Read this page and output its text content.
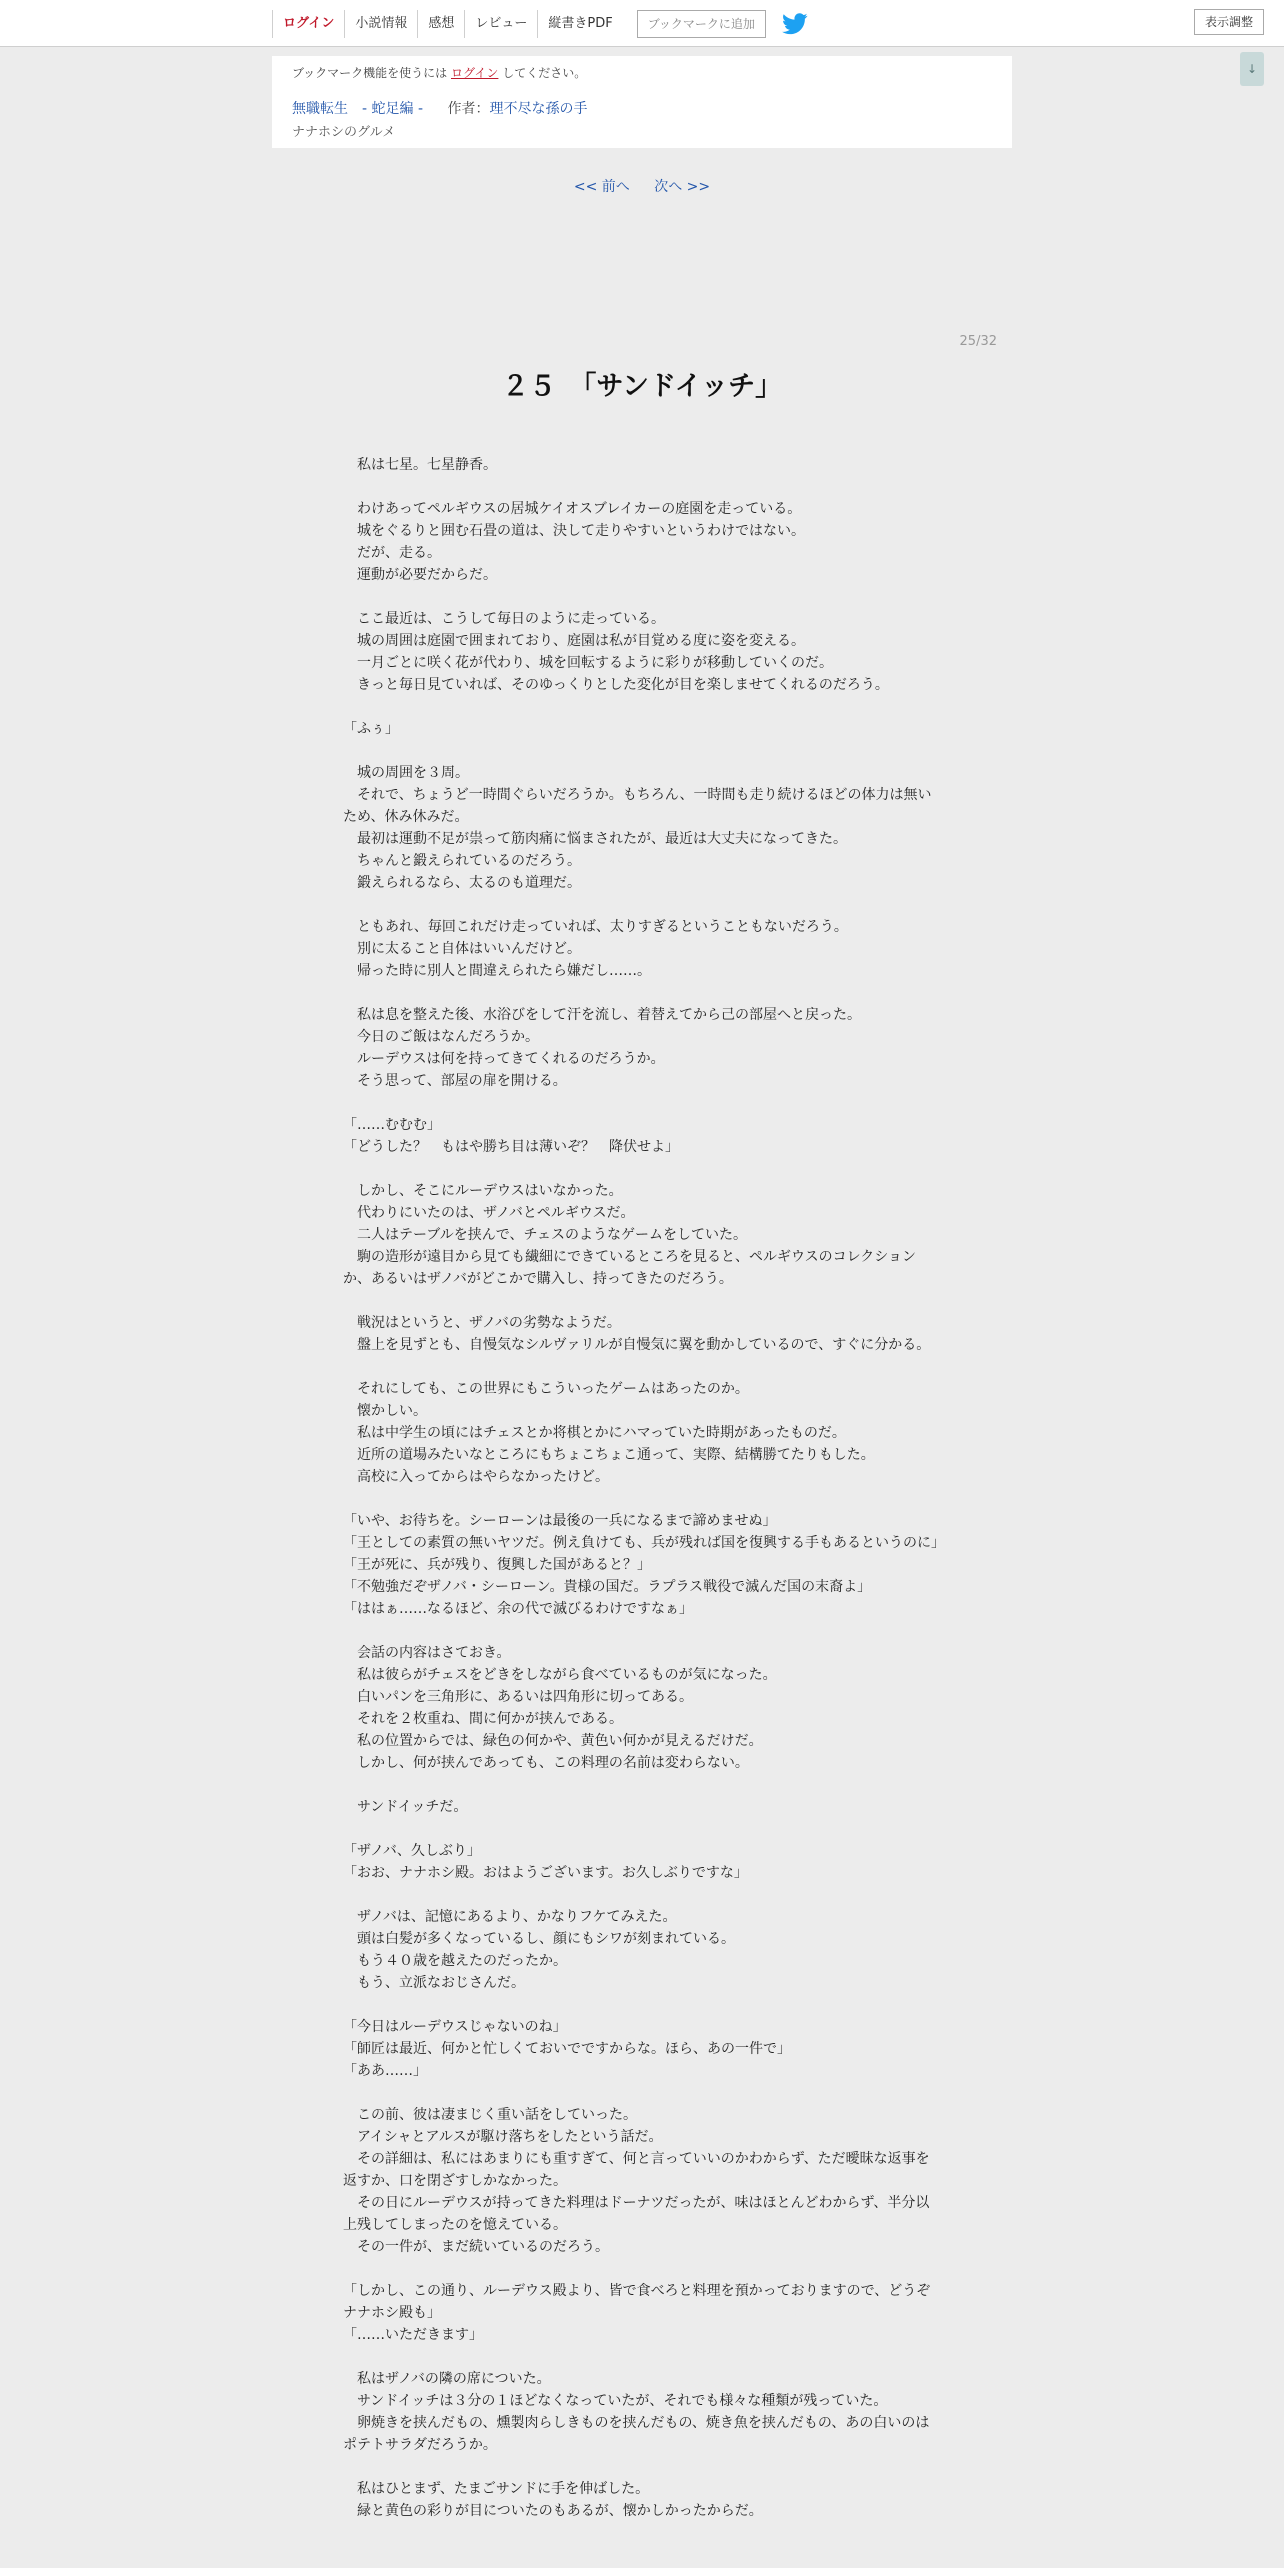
ログイン	小説情報	感想	レビュー	縦書きPDF	ブックマークに追加	表示調整
↓
ブックマーク機能を使うには ログイン してください。
無職転生　- 蛇足編 - 作者：理不尽な孫の手
ナナホシのグルメ
<< 前へ 次へ >>
25/32
２５　「サンドイッチ」

　私は七星。七星静香。

　わけあってペルギウスの居城ケイオスブレイカーの庭園を走っている。

　城をぐるりと囲む石畳の道は、決して走りやすいというわけではない。

　だが、走る。

　運動が必要だからだ。

　ここ最近は、こうして毎日のように走っている。

　城の周囲は庭園で囲まれており、庭園は私が目覚める度に姿を変える。

　一月ごとに咲く花が代わり、城を回転するように彩りが移動していくのだ。

　きっと毎日見ていれば、そのゆっくりとした変化が目を楽しませてくれるのだろう。

「ふぅ」

　城の周囲を３周。

　それで、ちょうど一時間ぐらいだろうか。もちろん、一時間も走り続けるほどの体力は無いため、休み休みだ。

　最初は運動不足が祟って筋肉痛に悩まされたが、最近は大丈夫になってきた。

　ちゃんと鍛えられているのだろう。

　鍛えられるなら、太るのも道理だ。

　ともあれ、毎回これだけ走っていれば、太りすぎるということもないだろう。

　別に太ること自体はいいんだけど。

　帰った時に別人と間違えられたら嫌だし……。

　私は息を整えた後、水浴びをして汗を流し、着替えてから己の部屋へと戻った。

　今日のご飯はなんだろうか。

　ルーデウスは何を持ってきてくれるのだろうか。

　そう思って、部屋の扉を開ける。

「……むむむ」

「どうした？　もはや勝ち目は薄いぞ？　降伏せよ」

　しかし、そこにルーデウスはいなかった。

　代わりにいたのは、ザノバとペルギウスだ。

　二人はテーブルを挟んで、チェスのようなゲームをしていた。

　駒の造形が遠目から見ても繊細にできているところを見ると、ペルギウスのコレクションか、あるいはザノバがどこかで購入し、持ってきたのだろう。

　戦況はというと、ザノバの劣勢なようだ。

　盤上を見ずとも、自慢気なシルヴァリルが自慢気に翼を動かしているので、すぐに分かる。

　それにしても、この世界にもこういったゲームはあったのか。

　懐かしい。

　私は中学生の頃にはチェスとか将棋とかにハマっていた時期があったものだ。

　近所の道場みたいなところにもちょこちょこ通って、実際、結構勝てたりもした。

　高校に入ってからはやらなかったけど。

「いや、お待ちを。シーローンは最後の一兵になるまで諦めませぬ」

「王としての素質の無いヤツだ。例え負けても、兵が残れば国を復興する手もあるというのに」

「王が死に、兵が残り、復興した国があると？」

「不勉強だぞザノバ・シーローン。貴様の国だ。ラプラス戦役で滅んだ国の末裔よ」

「ははぁ……なるほど、余の代で滅びるわけですなぁ」

　会話の内容はさておき。

　私は彼らがチェスをどきをしながら食べているものが気になった。

　白いパンを三角形に、あるいは四角形に切ってある。

　それを２枚重ね、間に何かが挟んである。

　私の位置からでは、緑色の何かや、黄色い何かが見えるだけだ。

　しかし、何が挟んであっても、この料理の名前は変わらない。

　サンドイッチだ。

「ザノバ、久しぶり」

「おお、ナナホシ殿。おはようございます。お久しぶりですな」

　ザノバは、記憶にあるより、かなりフケてみえた。

　頭は白髪が多くなっているし、顔にもシワが刻まれている。

　もう４０歳を越えたのだったか。

　もう、立派なおじさんだ。

「今日はルーデウスじゃないのね」

「師匠は最近、何かと忙しくておいでですからな。ほら、あの一件で」

「ああ……」

　この前、彼は凄まじく重い話をしていった。

　アイシャとアルスが駆け落ちをしたという話だ。

　その詳細は、私にはあまりにも重すぎて、何と言っていいのかわからず、ただ曖昧な返事を返すか、口を閉ざすしかなかった。

　その日にルーデウスが持ってきた料理はドーナツだったが、味はほとんどわからず、半分以上残してしまったのを憶えている。

　その一件が、まだ続いているのだろう。

「しかし、この通り、ルーデウス殿より、皆で食べろと料理を預かっておりますので、どうぞナナホシ殿も」

「……いただきます」

　私はザノバの隣の席についた。

　サンドイッチは３分の１ほどなくなっていたが、それでも様々な種類が残っていた。

　卵焼きを挟んだもの、燻製肉らしきものを挟んだもの、焼き魚を挟んだもの、あの白いのはポテトサラダだろうか。

　私はひとまず、たまごサンドに手を伸ばした。

　緑と黄色の彩りが目についたのもあるが、懐かしかったからだ。
